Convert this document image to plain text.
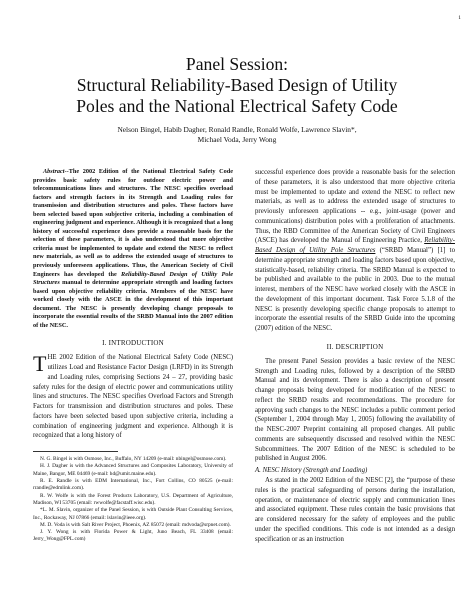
1
Panel Session:
Structural Reliability-Based Design of Utility
Poles and the National Electrical Safety Code
Nelson Bingel, Habib Dagher, Ronald Randle, Ronald Wolfe, Lawrence Slavin*,
Michael Voda, Jerry Wong

Abstract--The 2002 Edition of the National Electrical Safety Code provides basic safety rules for outdoor electric power and telecommunications lines and structures. The NESC specifies overload factors and strength factors in its Strength and Loading rules for transmission and distribution structures and poles. These factors have been selected based upon subjective criteria, including a combination of engineering judgment and experience. Although it is recognized that a long history of successful experience does provide a reasonable basis for the selection of these parameters, it is also understood that more objective criteria must be implemented to update and extend the NESC to reflect new materials, as well as to address the extended usage of structures to previously unforeseen applications. Thus, the American Society of Civil Engineers has developed the Reliability-Based Design of Utility Pole Structures manual to determine appropriate strength and loading factors based upon objective reliability criteria. Members of the NESC have worked closely with the ASCE in the development of this important document. The NESC is presently developing change proposals to incorporate the essential results of the SRBD Manual into the 2007 edition of the NESC.

I. INTRODUCTION

THE 2002 Edition of the National Electrical Safety Code (NESC) utilizes Load and Resistance Factor Design (LRFD) in its Strength and Loading rules, comprising Sections 24 – 27, providing basic safety rules for the design of electric power and communications utility lines and structures. The NESC specifies Overload Factors and Strength Factors for transmission and distribution structures and poles. These factors have been selected based upon subjective criteria, including a combination of engineering judgment and experience. Although it is recognized that a long history of

N. G. Bingel is with Osmose, Inc., Buffalo, NY 14209 (e-mail: nbingel@osmose.com).

H. J. Dagher is with the Advanced Structures and Composites Laboratory, University of Maine, Bangor, ME 04469 (e-mail: hd@umit.maine.edu).

R. E. Randle is with EDM International, Inc., Fort Collins, CO 80525 (e-mail: rrandle@edmlink.com).

R. W. Wolfe is with the Forest Products Laboratory, U.S. Department of Agriculture, Madison, WI 53705 (email: rwwolfe@facstaff.wisc.edu).

*L. M. Slavin, organizer of the Panel Session, is with Outside Plant Consulting Services, Inc., Rockaway, NJ 07866 (email: lslavin@ieee.org).

M. D. Voda is with Salt River Project, Phoenix, AZ 85072 (email: mdvoda@srpnet.com).

J. Y. Wong is with Florida Power & Light, Juno Beach, FL 33408 (email: Jerry_Wong@FPL.com)

successful experience does provide a reasonable basis for the selection of these parameters, it is also understood that more objective criteria must be implemented to update and extend the NESC to reflect new materials, as well as to address the extended usage of structures to previously unforeseen applications -- e.g., joint-usage (power and communications) distribution poles with a proliferation of attachments. Thus, the RBD Committee of the American Society of Civil Engineers (ASCE) has developed the Manual of Engineering Practice, Reliability-Based Design of Utility Pole Structures (“SRBD Manual”) [1] to determine appropriate strength and loading factors based upon objective, statistically-based, reliability criteria. The SRBD Manual is expected to be published and available to the public in 2003. Due to the mutual interest, members of the NESC have worked closely with the ASCE in the development of this important document. Task Force 5.1.8 of the NESC is presently developing specific change proposals to attempt to incorporate the essential results of the SRBD Guide into the upcoming (2007) edition of the NESC.

II. DESCRIPTION

The present Panel Session provides a basic review of the NESC Strength and Loading rules, followed by a description of the SRBD Manual and its development. There is also a description of present change proposals being developed for modification of the NESC to reflect the SRBD results and recommendations. The procedure for approving such changes to the NESC includes a public comment period (September 1, 2004 through May 1, 2005) following the availability of the NESC-2007 Preprint containing all proposed changes. All public comments are subsequently discussed and resolved within the NESC Subcommittees. The 2007 Edition of the NESC is scheduled to be published in August 2006.

A. NESC History (Strength and Loading)

As stated in the 2002 Edition of the NESC [2], the “purpose of these rules is the practical safeguarding of persons during the installation, operation, or maintenance of electric supply and communication lines and associated equipment. These rules contain the basic provisions that are considered necessary for the safety of employees and the public under the specified conditions. This code is not intended as a design specification or as an instruction
